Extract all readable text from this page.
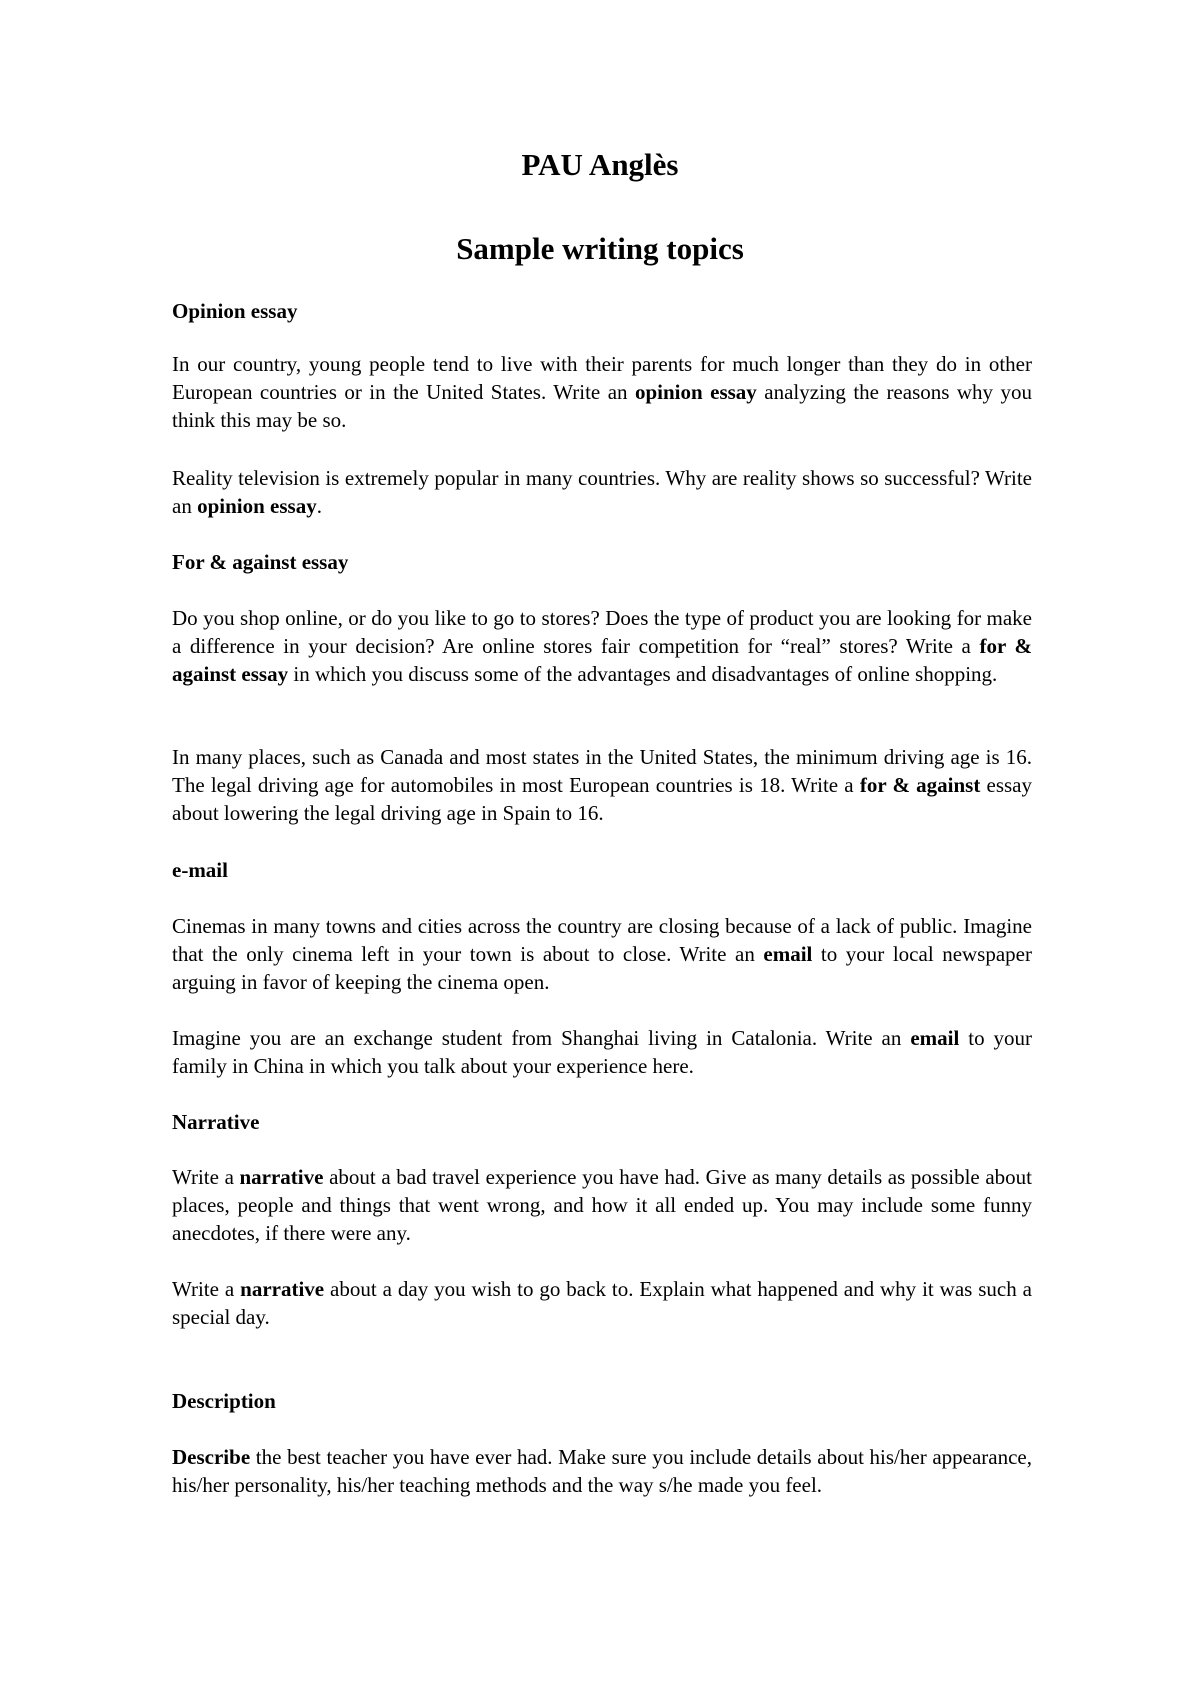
PAU Anglès
Sample writing topics
Opinion essay

In our country, young people tend to live with their parents for much longer than they do in other European countries or in the United States. Write an opinion essay analyzing the reasons why you think this may be so.

Reality television is extremely popular in many countries. Why are reality shows so successful? Write an opinion essay.

For & against essay

Do you shop online, or do you like to go to stores? Does the type of product you are looking for make a difference in your decision? Are online stores fair competition for “real” stores? Write a for & against essay in which you discuss some of the advantages and disadvantages of online shopping.

In many places, such as Canada and most states in the United States, the minimum driving age is 16. The legal driving age for automobiles in most European countries is 18. Write a for & against essay about lowering the legal driving age in Spain to 16.

e-mail

Cinemas in many towns and cities across the country are closing because of a lack of public. Imagine that the only cinema left in your town is about to close. Write an email to your local newspaper arguing in favor of keeping the cinema open.

Imagine you are an exchange student from Shanghai living in Catalonia. Write an email to your family in China in which you talk about your experience here.

Narrative

Write a narrative about a bad travel experience you have had. Give as many details as possible about places, people and things that went wrong, and how it all ended up. You may include some funny anecdotes, if there were any.

Write a narrative about a day you wish to go back to. Explain what happened and why it was such a special day.

Description

Describe the best teacher you have ever had. Make sure you include details about his/her appearance, his/her personality, his/her teaching methods and the way s/he made you feel.
